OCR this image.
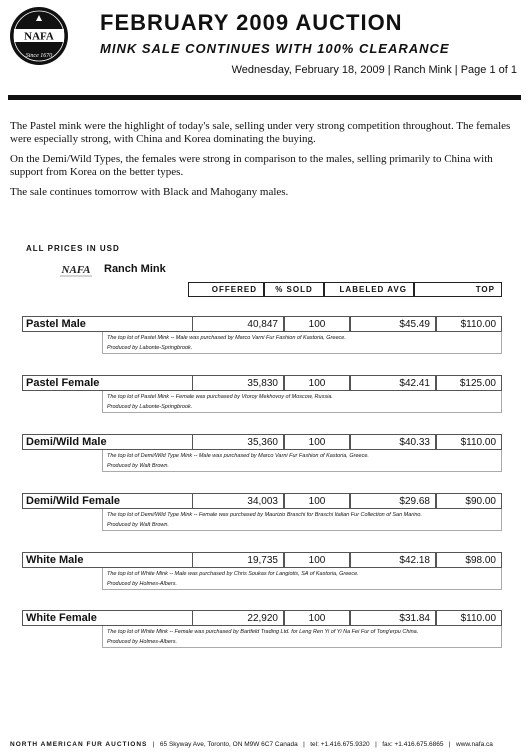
NAFA
Since 1670
FEBRUARY 2009 AUCTION
MINK SALE CONTINUES WITH 100% CLEARANCE
Wednesday, February 18, 2009 | Ranch Mink | Page 1 of 1

The Pastel mink were the highlight of today's sale, selling under very strong competition throughout. The females were especially strong, with China and Korea dominating the buying.

On the Demi/Wild Types, the females were strong in comparison to the males, selling primarily to China with support from Korea on the better types.

The sale continues tomorrow with Black and Mahogany males.

ALL PRICES IN USD
NAFA Ranch Mink
OFFERED	% SOLD	LABELED AVG	TOP
Pastel Male	40,847	100	$45.49	$110.00
The top lot of Pastel Mink -- Male was purchased by Marco Varni Fur Fashion of Kastoria, Greece.
Produced by Labonte-Springbrook.
Pastel Female	35,830	100	$42.41	$125.00
The top lot of Pastel Mink -- Female was purchased by Vtoroy Mekhovoy of Moscow, Russia.
Produced by Labonte-Springbrook.
Demi/Wild Male	35,360	100	$40.33	$110.00
The top lot of Demi/Wild Type Mink -- Male was purchased by Marco Varni Fur Fashion of Kastoria, Greece.
Produced by Walt Brown.
Demi/Wild Female	34,003	100	$29.68	$90.00
The top lot of Demi/Wild Type Mink -- Female was purchased by Maurizio Braschi for Braschi Italian Fur Collection of San Marino.
Produced by Walt Brown.
White Male	19,735	100	$42.18	$98.00
The top lot of White Mink -- Male was purchased by Chris Soukas for Langiotis, SA of Kastoria, Greece.
Produced by Holmes-Albers.
White Female	22,920	100	$31.84	$110.00
The top lot of White Mink -- Female was purchased by Bartfeld Trading Ltd. for Leng Ren Yi of Yi Na Fei Fur of Tong'erpu China.
Produced by Holmes-Albers.
NORTH AMERICAN FUR AUCTIONS   |   65 Skyway Ave, Toronto, ON M9W 6C7 Canada   |   tel: +1.416.675.9320   |   fax: +1.416.675.6865   |   www.nafa.ca
